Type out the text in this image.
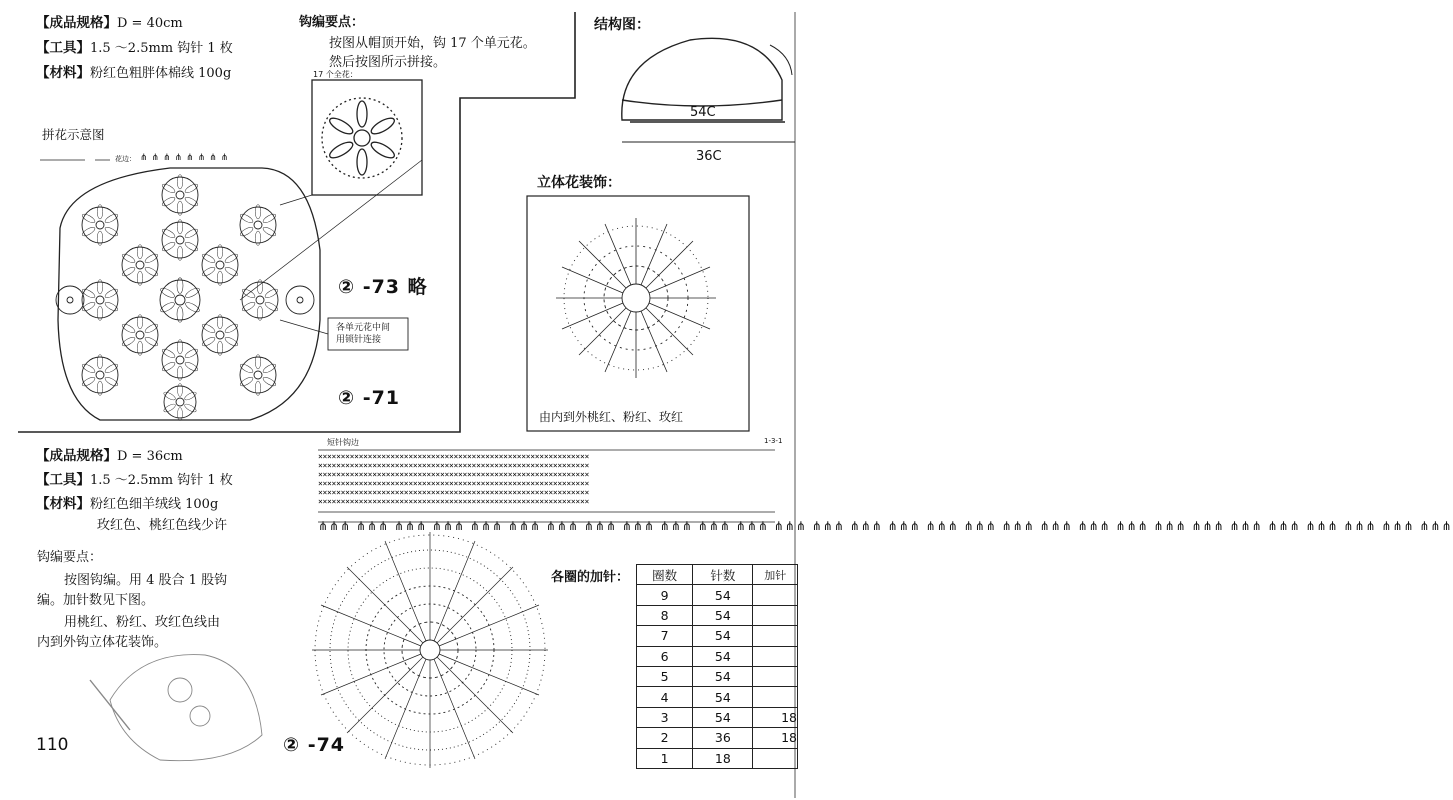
××××××××××××××××××××××××××××××××××××××××××××××××××××××××××××
××××××××××××××××××××××××××××××××××××××××××××××××××××××××××××
××××××××××××××××××××××××××××××××××××××××××××××××××××××××××××
××××××××××××××××××××××××××××××××××××××××××××××××××××××××××××
××××××××××××××××××××××××××××××××××××××××××××××××××××××××××××
××××××××××××××××××××××××××××××××××××××××××××××××××××××××××××
⋔⋔⋔ ⋔⋔⋔ ⋔⋔⋔ ⋔⋔⋔ ⋔⋔⋔ ⋔⋔⋔ ⋔⋔⋔ ⋔⋔⋔ ⋔⋔⋔ ⋔⋔⋔ ⋔⋔⋔ ⋔⋔⋔ ⋔⋔⋔ ⋔⋔⋔ ⋔⋔⋔ ⋔⋔⋔ ⋔⋔⋔ ⋔⋔⋔ ⋔⋔⋔ ⋔⋔⋔ ⋔⋔⋔ ⋔⋔⋔ ⋔⋔⋔ ⋔⋔⋔ ⋔⋔⋔ ⋔⋔⋔ ⋔⋔⋔ ⋔⋔⋔ ⋔⋔⋔ ⋔⋔⋔
【成品规格】D = 40cm
【工具】1.5 ～2.5mm 钩针 1 枚
【材料】粉红色粗胖体棉线 100g
钩编要点：
按图从帽顶开始，钩 17 个单元花。
然后按图所示拼接。
17 个全花：
拼花示意图
花边： ⋔⋔⋔⋔⋔⋔⋔⋔
各单元花中间
用锁针连接
② -73 略
② -71
结构图：
54C
36C
立体花装饰：
由内到外桃红、粉红、玫红
【成品规格】D = 36cm
【工具】1.5 ～2.5mm 钩针 1 枚
【材料】粉红色细羊绒线 100g
玫红色、桃红色线少许
钩编要点：
按图钩编。用 4 股合 1 股钩
编。加针数见下图。
用桃红、粉红、玫红色线由
内到外钩立体花装饰。
短针钩边	1-3-1
各圈的加针： 圈数	针数	加针
9	54	
8	54	
7	54	
6	54	
5	54	
4	54	
3	54	18
2	36	18
1	18	
110	② -74
